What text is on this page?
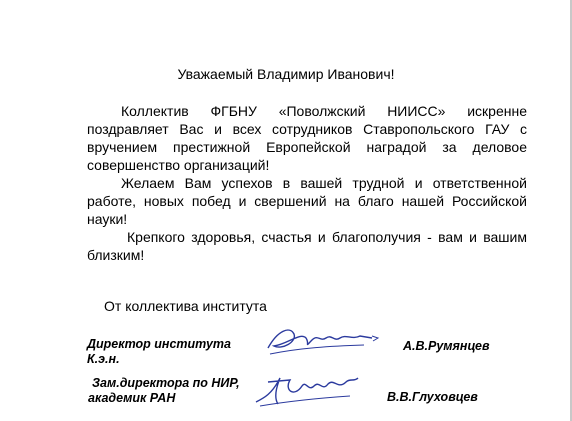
Уважаемый Владимир Иванович!

Коллектив ФГБНУ «Поволжский НИИСС» искренне поздравляет Вас и всех сотрудников Ставропольского ГАУ с вручением престижной Европейской наградой за деловое совершенство организаций!

Желаем Вам успехов в вашей трудной и ответственной работе, новых побед и свершений на благо нашей Российской науки!

Крепкого здоровья, счастья и благополучия - вам и вашим близким!

От коллектива института
Директор института
К.э.н.
А.В.Румянцев
Зам.директора по НИР,
академик РАН	В.В.Глуховцев
